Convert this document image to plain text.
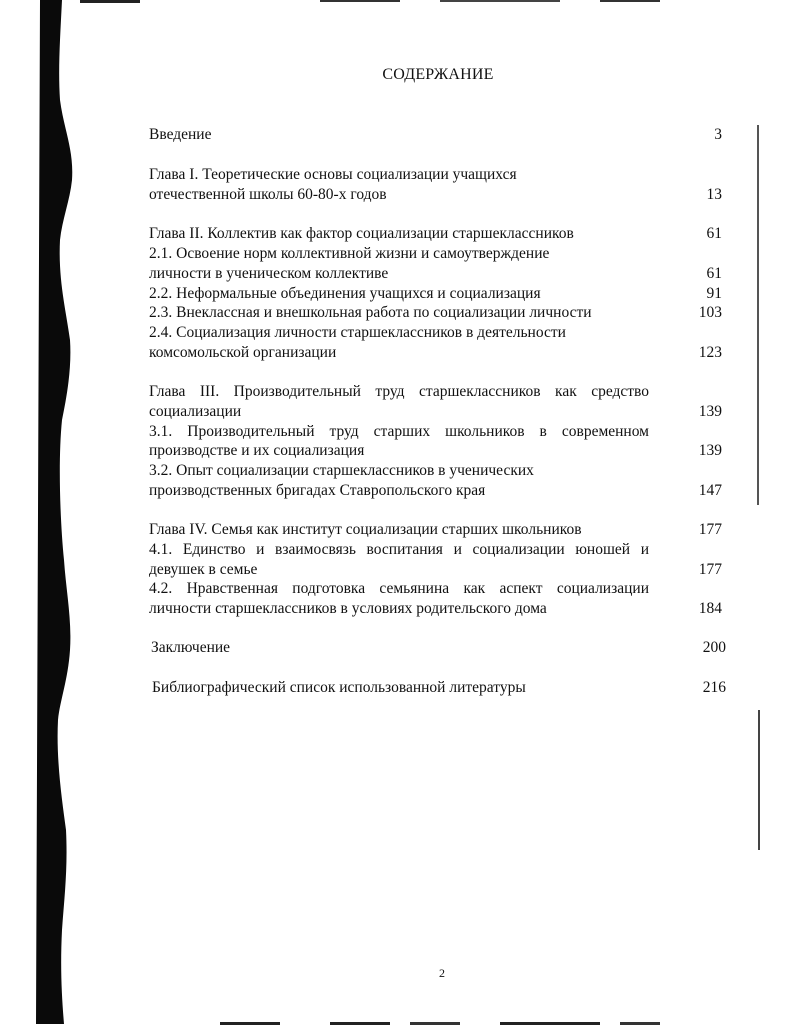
СОДЕРЖАНИЕ
Введение	3
Глава I. Теоретические основы социализации учащихся
отечественной школы 60-80-х годов	13
Глава II. Коллектив как фактор социализации старшеклассников	61
2.1. Освоение норм коллективной жизни и самоутверждение
личности в ученическом коллективе	61
2.2. Неформальные объединения учащихся и социализация	91
2.3. Внеклассная и внешкольная работа по социализации личности	103
2.4. Социализация личности старшеклассников в деятельности
комсомольской организации	123
Глава III. Производительный труд старшеклассников как средство
социализации	139
3.1. Производительный труд старших школьников в современном
производстве и их социализация	139
3.2. Опыт социализации старшеклассников в ученических
производственных бригадах Ставропольского края	147
Глава IV. Семья как институт социализации старших школьников	177
4.1. Единство и взаимосвязь воспитания и социализации юношей и
девушек в семье	177
4.2. Нравственная подготовка семьянина как аспект социализации
личности старшеклассников в условиях родительского дома	184
Заключение	200
Библиографический список использованной литературы	216
2
